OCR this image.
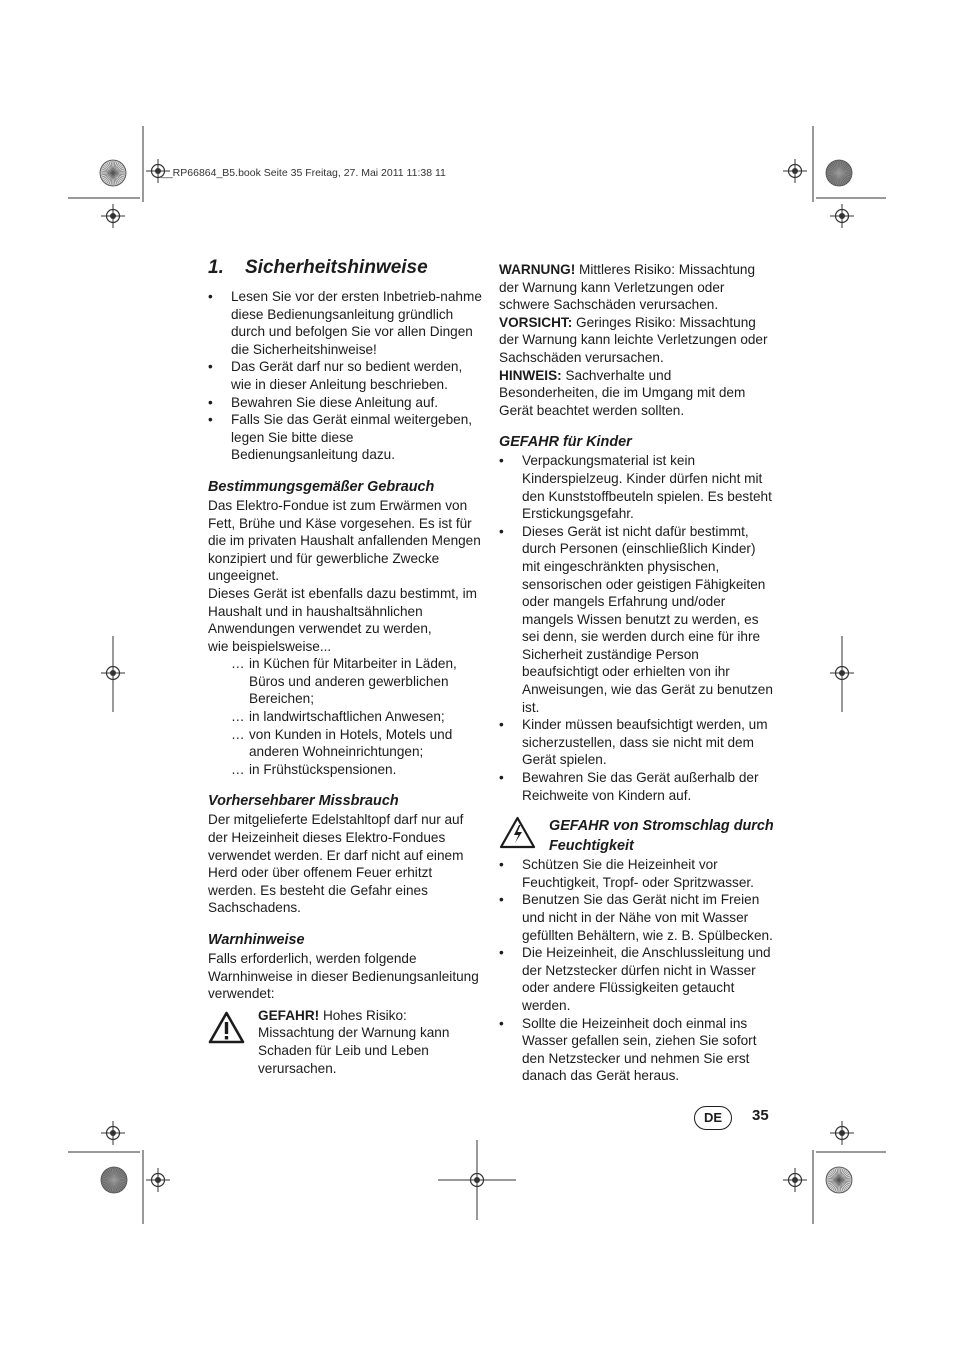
__RP66864_B5.book Seite 35 Freitag, 27. Mai 2011 11:38 11
1. Sicherheitshinweise
• Lesen Sie vor der ersten Inbetrieb-nahme diese Bedienungsanleitung gründlich durch und befolgen Sie vor allen Dingen die Sicherheitshinweise!
• Das Gerät darf nur so bedient werden, wie in dieser Anleitung beschrieben.
• Bewahren Sie diese Anleitung auf.
• Falls Sie das Gerät einmal weitergeben, legen Sie bitte diese Bedienungsanleitung dazu.
Bestimmungsgemäßer Gebrauch

Das Elektro-Fondue ist zum Erwärmen von Fett, Brühe und Käse vorgesehen. Es ist für die im privaten Haushalt anfallenden Mengen konzipiert und für gewerbliche Zwecke ungeeignet.

Dieses Gerät ist ebenfalls dazu bestimmt, im Haushalt und in haushaltsähnlichen Anwendungen verwendet zu werden,

wie beispielsweise...

… in Küchen für Mitarbeiter in Läden, Büros und anderen gewerblichen Bereichen;
… in landwirtschaftlichen Anwesen;
… von Kunden in Hotels, Motels und anderen Wohneinrichtungen;
… in Frühstückspensionen.
Vorhersehbarer Missbrauch

Der mitgelieferte Edelstahltopf darf nur auf der Heizeinheit dieses Elektro-Fondues verwendet werden. Er darf nicht auf einem Herd oder über offenem Feuer erhitzt werden. Es besteht die Gefahr eines Sachschadens.

Warnhinweise

Falls erforderlich, werden folgende Warnhinweise in dieser Bedienungsanleitung verwendet:

GEFAHR! Hohes Risiko: Missachtung der Warnung kann Schaden für Leib und Leben verursachen.

WARNUNG! Mittleres Risiko: Missachtung der Warnung kann Verletzungen oder schwere Sachschäden verursachen.

VORSICHT: Geringes Risiko: Missachtung der Warnung kann leichte Verletzungen oder Sachschäden verursachen.

HINWEIS: Sachverhalte und Besonderheiten, die im Umgang mit dem Gerät beachtet werden sollten.

GEFAHR für Kinder
• Verpackungsmaterial ist kein Kinderspielzeug. Kinder dürfen nicht mit den Kunststoffbeuteln spielen. Es besteht Erstickungsgefahr.
• Dieses Gerät ist nicht dafür bestimmt, durch Personen (einschließlich Kinder) mit eingeschränkten physischen, sensorischen oder geistigen Fähigkeiten oder mangels Erfahrung und/oder mangels Wissen benutzt zu werden, es sei denn, sie werden durch eine für ihre Sicherheit zuständige Person beaufsichtigt oder erhielten von ihr Anweisungen, wie das Gerät zu benutzen ist.
• Kinder müssen beaufsichtigt werden, um sicherzustellen, dass sie nicht mit dem Gerät spielen.
• Bewahren Sie das Gerät außerhalb der Reichweite von Kindern auf.
GEFAHR von Stromschlag durch Feuchtigkeit
• Schützen Sie die Heizeinheit vor Feuchtigkeit, Tropf- oder Spritzwasser.
• Benutzen Sie das Gerät nicht im Freien und nicht in der Nähe von mit Wasser gefüllten Behältern, wie z. B. Spülbecken.
• Die Heizeinheit, die Anschlussleitung und der Netzstecker dürfen nicht in Wasser oder andere Flüssigkeiten getaucht werden.
• Sollte die Heizeinheit doch einmal ins Wasser gefallen sein, ziehen Sie sofort den Netzstecker und nehmen Sie erst danach das Gerät heraus.
DE	35
